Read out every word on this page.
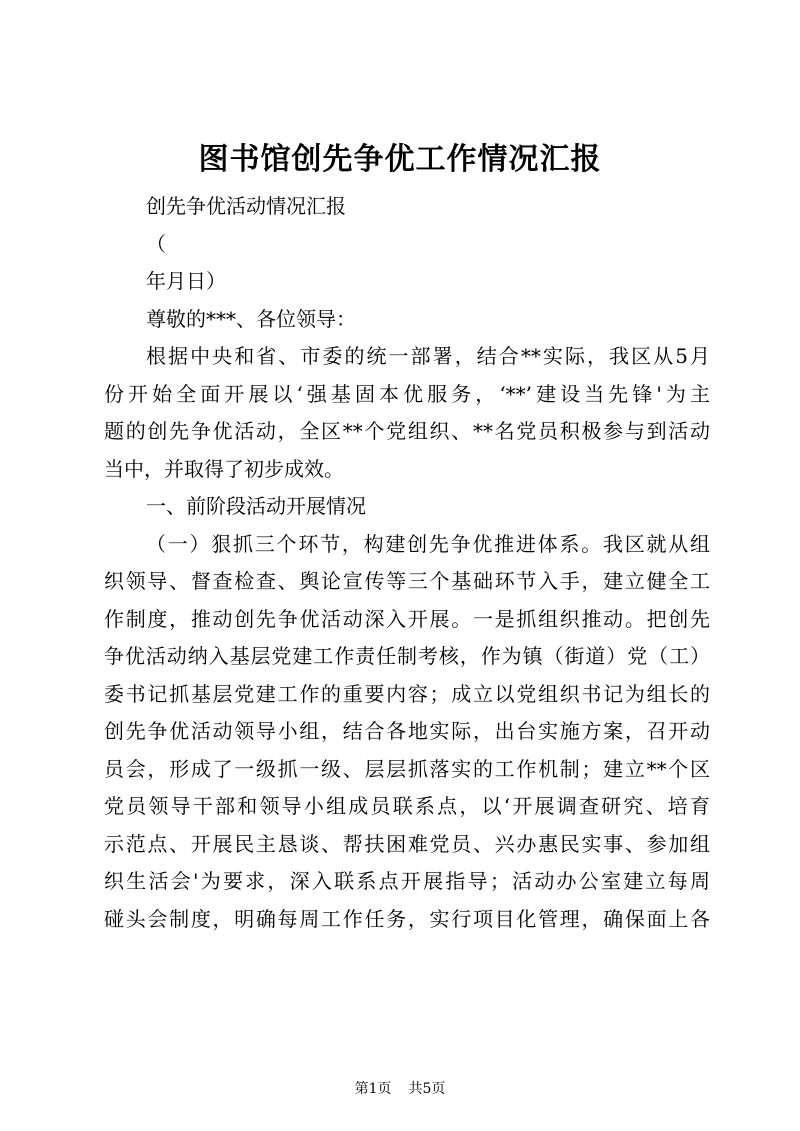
图书馆创先争优工作情况汇报
创先争优活动情况汇报
（
年月日）
尊敬的***、各位领导：
根据中央和省、市委的统一部署，结合**实际，我区从5月
份开始全面开展以‘强基固本优服务，‘**’建设当先锋'为主
题的创先争优活动，全区**个党组织、**名党员积极参与到活动
当中，并取得了初步成效。
一、前阶段活动开展情况
（一）狠抓三个环节，构建创先争优推进体系。我区就从组
织领导、督查检查、舆论宣传等三个基础环节入手，建立健全工
作制度，推动创先争优活动深入开展。一是抓组织推动。把创先
争优活动纳入基层党建工作责任制考核，作为镇（街道）党（工）
委书记抓基层党建工作的重要内容；成立以党组织书记为组长的
创先争优活动领导小组，结合各地实际，出台实施方案，召开动
员会，形成了一级抓一级、层层抓落实的工作机制；建立**个区
党员领导干部和领导小组成员联系点，以‘开展调查研究、培育
示范点、开展民主恳谈、帮扶困难党员、兴办惠民实事、参加组
织生活会'为要求，深入联系点开展指导；活动办公室建立每周
碰头会制度，明确每周工作任务，实行项目化管理，确保面上各
第1页 共5页
